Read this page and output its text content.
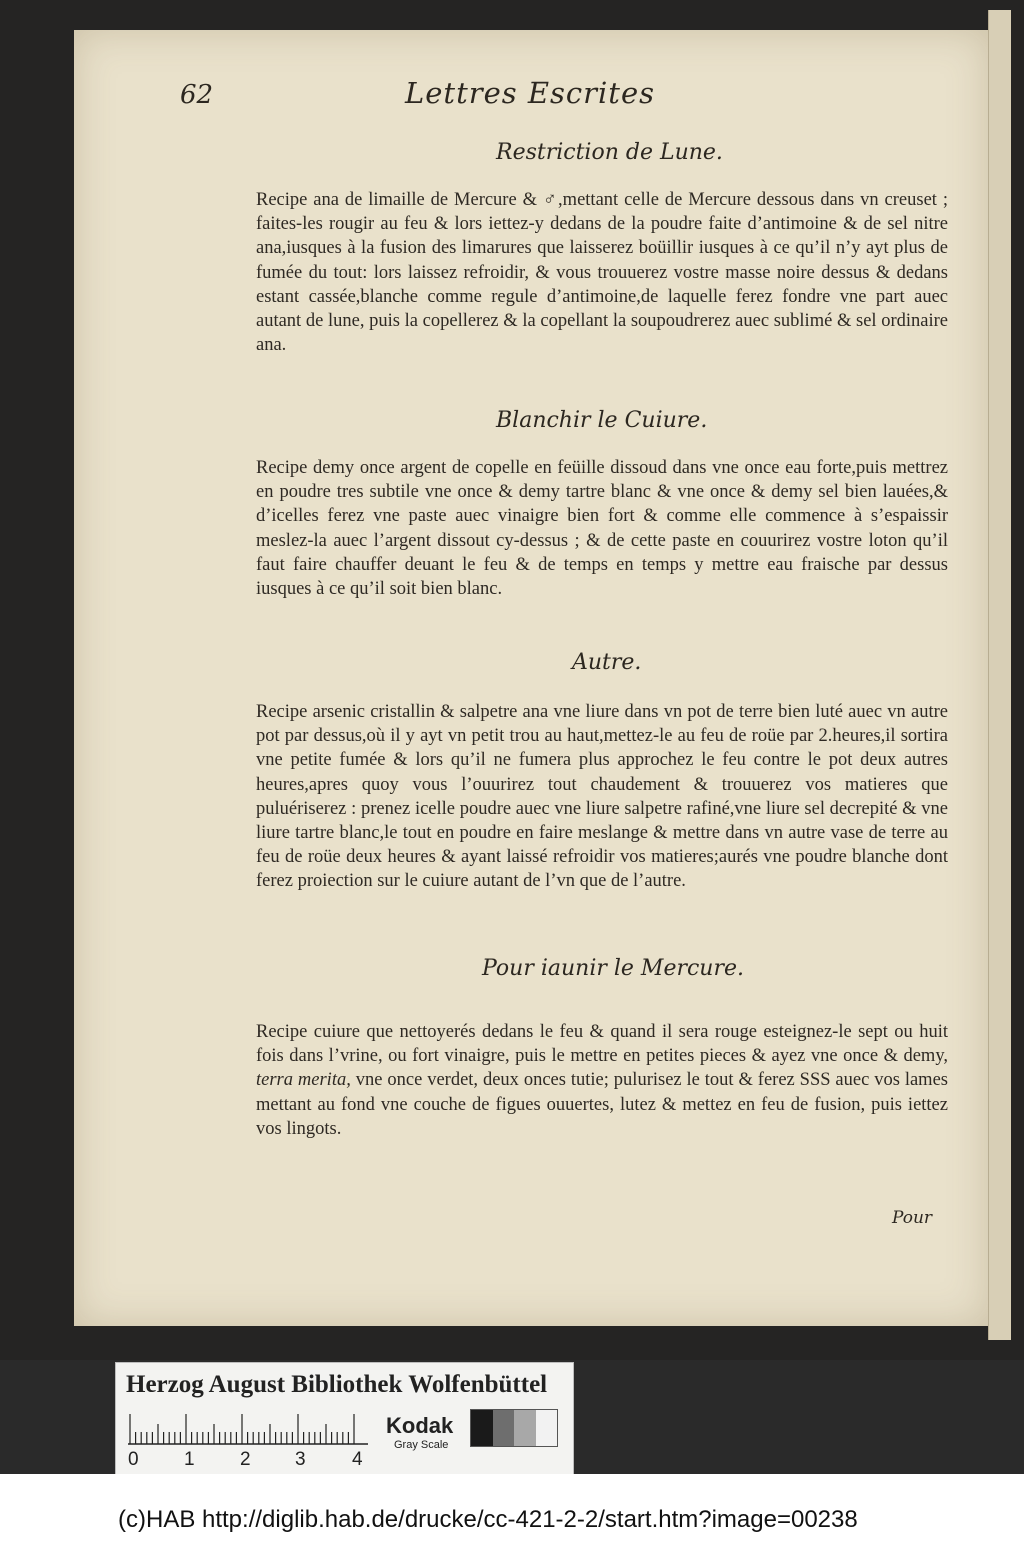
62	Lettres Escrites
Restriction de Lune.

Recipe ana de limaille de Mercure & ♂,mettant celle de Mercure dessous dans vn creuset ; faites-les rougir au feu & lors iettez-y dedans de la poudre faite d’antimoine & de sel nitre ana,iusques à la fusion des limarures que laisserez boüillir iusques à ce qu’il n’y ayt plus de fumée du tout: lors laissez refroidir, & vous trouuerez vostre masse noire dessus & dedans estant cassée,blanche comme regule d’antimoine,de laquelle ferez fondre vne part auec autant de lune, puis la copellerez & la copellant la soupoudrerez auec sublimé & sel ordinaire ana.

Blanchir le Cuiure.

Recipe demy once argent de copelle en feüille dissoud dans vne once eau forte,puis mettrez en poudre tres subtile vne once & demy tartre blanc & vne once & demy sel bien lauées,& d’icelles ferez vne paste auec vinaigre bien fort & comme elle commence à s’espaissir meslez-la auec l’argent dissout cy-dessus ; & de cette paste en couurirez vostre loton qu’il faut faire chauffer deuant le feu & de temps en temps y mettre eau fraische par dessus iusques à ce qu’il soit bien blanc.

Autre.

Recipe arsenic cristallin & salpetre ana vne liure dans vn pot de terre bien luté auec vn autre pot par dessus,où il y ayt vn petit trou au haut,mettez-le au feu de roüe par 2.heures,il sortira vne petite fumée & lors qu’il ne fumera plus approchez le feu contre le pot deux autres heures,apres quoy vous l’ouurirez tout chaudement & trouuerez vos matieres que puluériserez : prenez icelle poudre auec vne liure salpetre rafiné,vne liure sel decrepité & vne liure tartre blanc,le tout en poudre en faire meslange & mettre dans vn autre vase de terre au feu de roüe deux heures & ayant laissé refroidir vos matieres;aurés vne poudre blanche dont ferez proiection sur le cuiure autant de l’vn que de l’autre.

Pour iaunir le Mercure.

Recipe cuiure que nettoyerés dedans le feu & quand il sera rouge esteignez-le sept ou huit fois dans l’vrine, ou fort vinaigre, puis le mettre en petites pieces & ayez vne once & demy, terra merita, vne once verdet, deux onces tutie; pulurisez le tout & ferez SSS auec vos lames mettant au fond vne couche de figues ouuertes, lutez & mettez en feu de fusion, puis iettez vos lingots.

Pour
Herzog August Bibliothek Wolfenbüttel
0 1 2 3 4
Kodak
Gray Scale
(c)HAB http://diglib.hab.de/drucke/cc-421-2-2/start.htm?image=00238
